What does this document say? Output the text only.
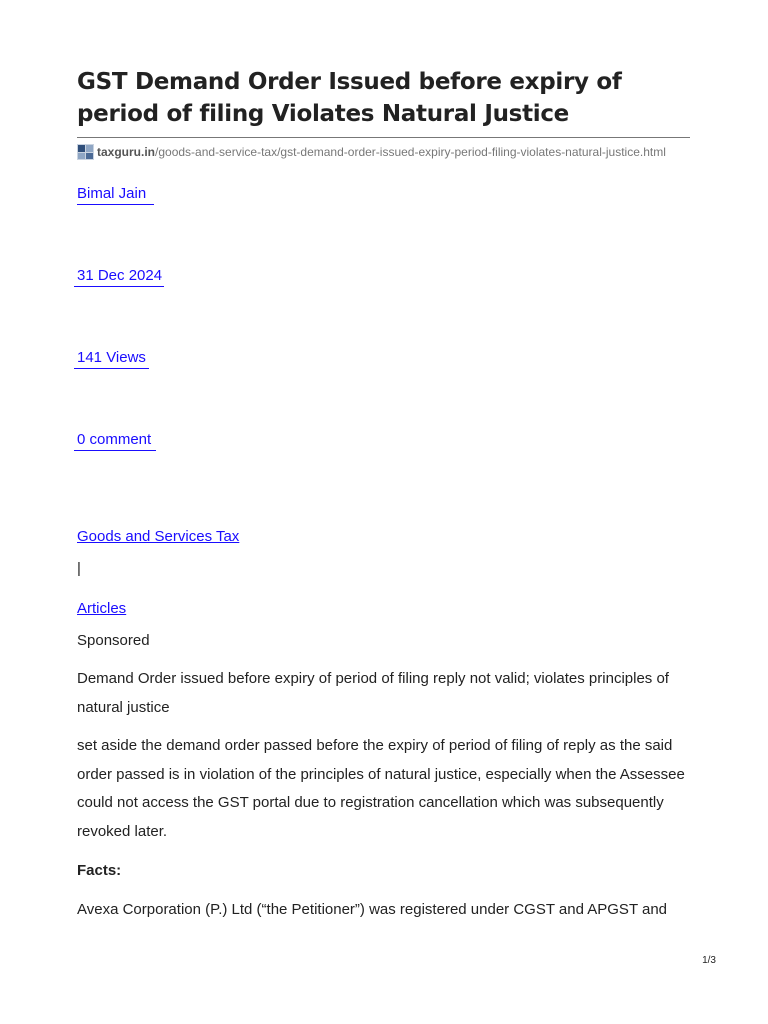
GST Demand Order Issued before expiry of period of filing Violates Natural Justice
taxguru.in /goods-and-service-tax/gst-demand-order-issued-expiry-period-filing-violates-natural-justice.html
Bimal Jain
31 Dec 2024
141 Views
0 comment
Goods and Services Tax
|
Articles
Sponsored

Demand Order issued before expiry of period of filing reply not valid; violates principles of natural justice

set aside the demand order passed before the expiry of period of filing of reply as the said order passed is in violation of the principles of natural justice, especially when the Assessee could not access the GST portal due to registration cancellation which was subsequently revoked later.

Facts:

Avexa Corporation (P.) Ltd (“the Petitioner”) was registered under CGST and APGST and

1/3
